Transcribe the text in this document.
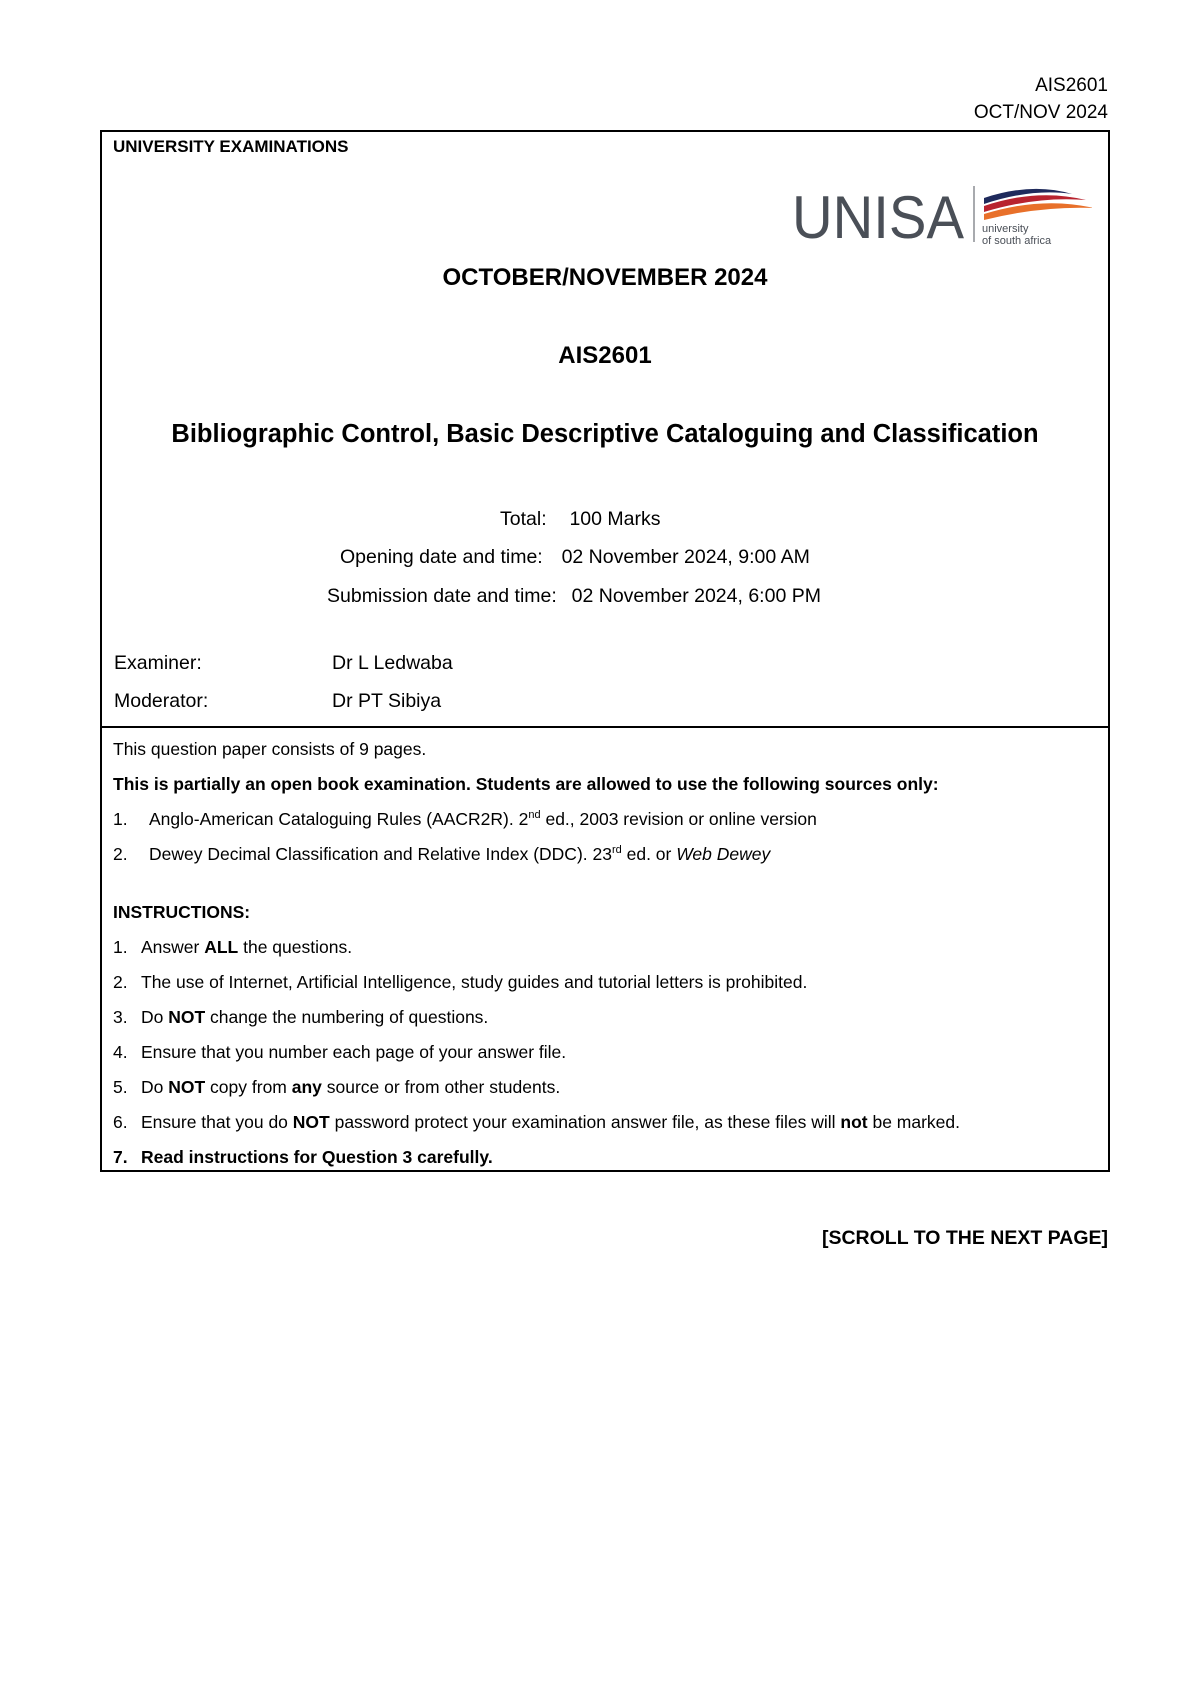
AIS2601
OCT/NOV 2024
UNIVERSITY EXAMINATIONS
UNISA university
of south africa
OCTOBER/NOVEMBER 2024
AIS2601
Bibliographic Control, Basic Descriptive Cataloguing and Classification
Total: 100 Marks
Opening date and time: 02 November 2024, 9:00 AM
Submission date and time: 02 November 2024, 6:00 PM
Examiner:	Dr L Ledwaba
Moderator:	Dr PT Sibiya
This question paper consists of 9 pages.
This is partially an open book examination. Students are allowed to use the following sources only:
1. Anglo-American Cataloguing Rules (AACR2R). 2nd ed., 2003 revision or online version
2. Dewey Decimal Classification and Relative Index (DDC). 23rd ed. or Web Dewey
INSTRUCTIONS:
1. Answer ALL the questions.
2. The use of Internet, Artificial Intelligence, study guides and tutorial letters is prohibited.
3. Do NOT change the numbering of questions.
4. Ensure that you number each page of your answer file.
5. Do NOT copy from any source or from other students.
6. Ensure that you do NOT password protect your examination answer file, as these files will not be marked.
7. Read instructions for Question 3 carefully.
[SCROLL TO THE NEXT PAGE]
